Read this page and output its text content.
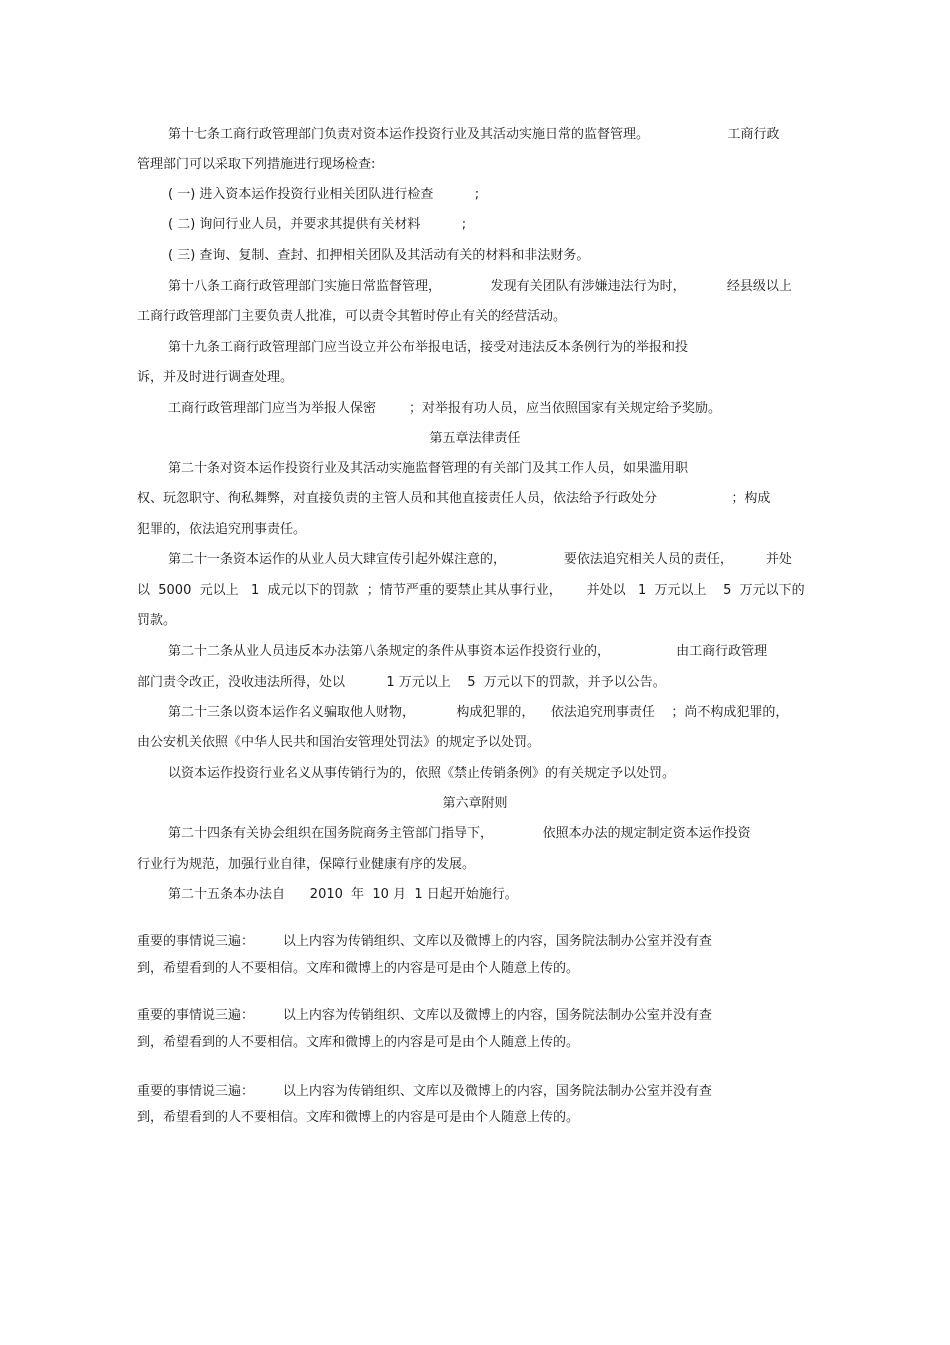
第十七条工商行政管理部门负责对资本运作投资行业及其活动实施日常的监督管理。                   工商行政

管理部门可以采取下列措施进行现场检查:

( 一) 进入资本运作投资行业相关团队进行检查          ;

( 二) 询问行业人员，并要求其提供有关材料          ;

( 三) 查询、复制、查封、扣押相关团队及其活动有关的材料和非法财务。

第十八条工商行政管理部门实施日常监督管理，            发现有关团队有涉嫌违法行为时，          经县级以上

工商行政管理部门主要负责人批准，可以责令其暂时停止有关的经营活动。

第十九条工商行政管理部门应当设立并公布举报电话，接受对违法反本条例行为的举报和投

诉，并及时进行调查处理。

工商行政管理部门应当为举报人保密        ；对举报有功人员，应当依照国家有关规定给予奖励。

第五章法律责任

第二十条对资本运作投资行业及其活动实施监督管理的有关部门及其工作人员，如果滥用职

权、玩忽职守、徇私舞弊，对直接负责的主管人员和其他直接责任人员，依法给予行政处分                  ；构成

犯罪的，依法追究刑事责任。

第二十一条资本运作的从业人员大肆宣传引起外媒注意的，              要依法追究相关人员的责任，        并处

以  5000  元以上   1  成元以下的罚款  ；情节严重的要禁止其从事行业，      并处以   1  万元以上    5  万元以下的

罚款。

第二十二条从业人员违反本办法第八条规定的条件从事资本运作投资行业的，                由工商行政管理

部门责令改正，没收违法所得，处以          1 万元以上    5  万元以下的罚款，并予以公告。

第二十三条以资本运作名义骗取他人财物，          构成犯罪的，    依法追究刑事责任    ；尚不构成犯罪的，

由公安机关依照《中华人民共和国治安管理处罚法》的规定予以处罚。

以资本运作投资行业名义从事传销行为的，依照《禁止传销条例》的有关规定予以处罚。

第六章附则

第二十四条有关协会组织在国务院商务主管部门指导下，            依照本办法的规定制定资本运作投资

行业行为规范，加强行业自律，保障行业健康有序的发展。

第二十五条本办法自      2010  年  10 月  1 日起开始施行。

重要的事情说三遍：       以上内容为传销组织、文库以及微博上的内容，国务院法制办公室并没有查

到，希望看到的人不要相信。文库和微博上的内容是可是由个人随意上传的。

重要的事情说三遍：       以上内容为传销组织、文库以及微博上的内容，国务院法制办公室并没有查

到，希望看到的人不要相信。文库和微博上的内容是可是由个人随意上传的。

重要的事情说三遍：       以上内容为传销组织、文库以及微博上的内容，国务院法制办公室并没有查

到，希望看到的人不要相信。文库和微博上的内容是可是由个人随意上传的。
